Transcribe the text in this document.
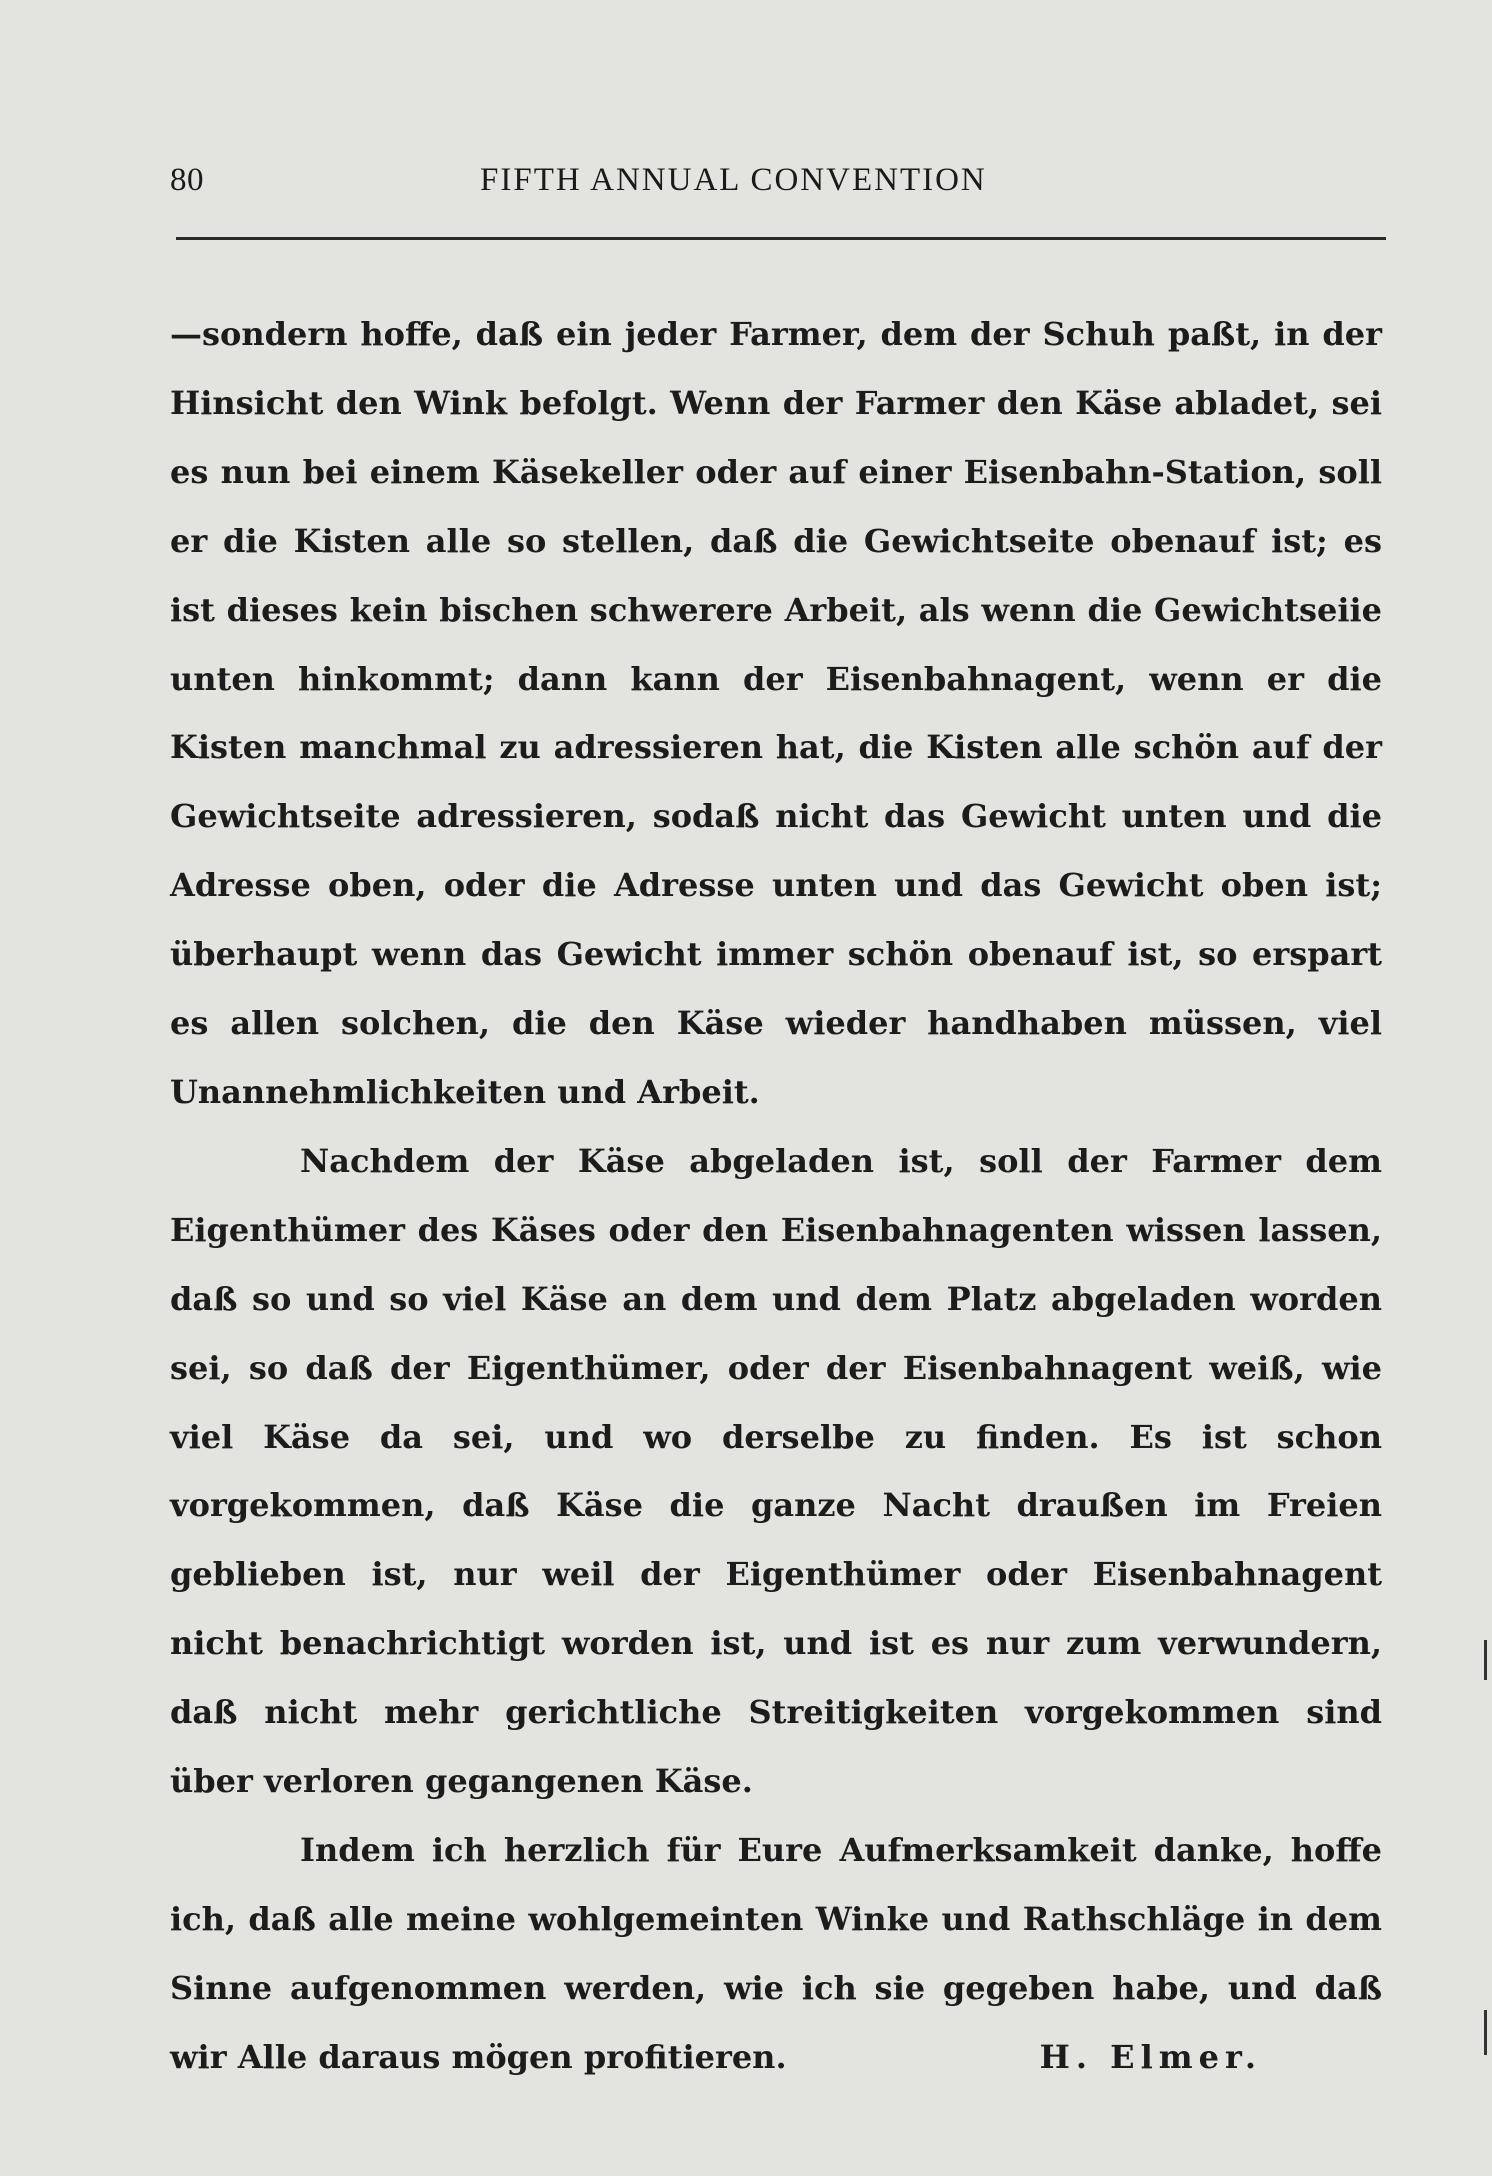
80	FIFTH ANNUAL CONVENTION

—sondern hoffe, daß ein jeder Farmer, dem der Schuh paßt, in der Hinsicht den Wink befolgt. Wenn der Farmer den Käse abladet, sei es nun bei einem Käsekeller oder auf einer Eisenbahn-Station, soll er die Kisten alle so stellen, daß die Gewichtseite obenauf ist; es ist dieses kein bischen schwerere Arbeit, als wenn die Gewichtseiie unten hinkommt; dann kann der Eisenbahnagent, wenn er die Kisten manchmal zu adressieren hat, die Kisten alle schön auf der Gewichtseite adressieren, sodaß nicht das Gewicht unten und die Adresse oben, oder die Adresse unten und das Gewicht oben ist; überhaupt wenn das Gewicht immer schön obenauf ist, so erspart es allen solchen, die den Käse wieder handhaben müssen, viel Unannehmlichkeiten und Arbeit.

Nachdem der Käse abgeladen ist, soll der Farmer dem Eigenthümer des Käses oder den Eisenbahnagenten wissen lassen, daß so und so viel Käse an dem und dem Platz abgeladen worden sei, so daß der Eigenthümer, oder der Eisenbahnagent weiß, wie viel Käse da sei, und wo derselbe zu finden. Es ist schon vorgekommen, daß Käse die ganze Nacht draußen im Freien geblieben ist, nur weil der Eigenthümer oder Eisenbahnagent nicht benachrichtigt worden ist, und ist es nur zum verwundern, daß nicht mehr gerichtliche Streitigkeiten vorgekommen sind über verloren gegangenen Käse.

Indem ich herzlich für Eure Aufmerksamkeit danke, hoffe ich, daß alle meine wohlgemeinten Winke und Rathschläge in dem Sinne aufgenommen werden, wie ich sie gegeben habe, und daß wir Alle daraus mögen profitieren.	H. Elmer.
